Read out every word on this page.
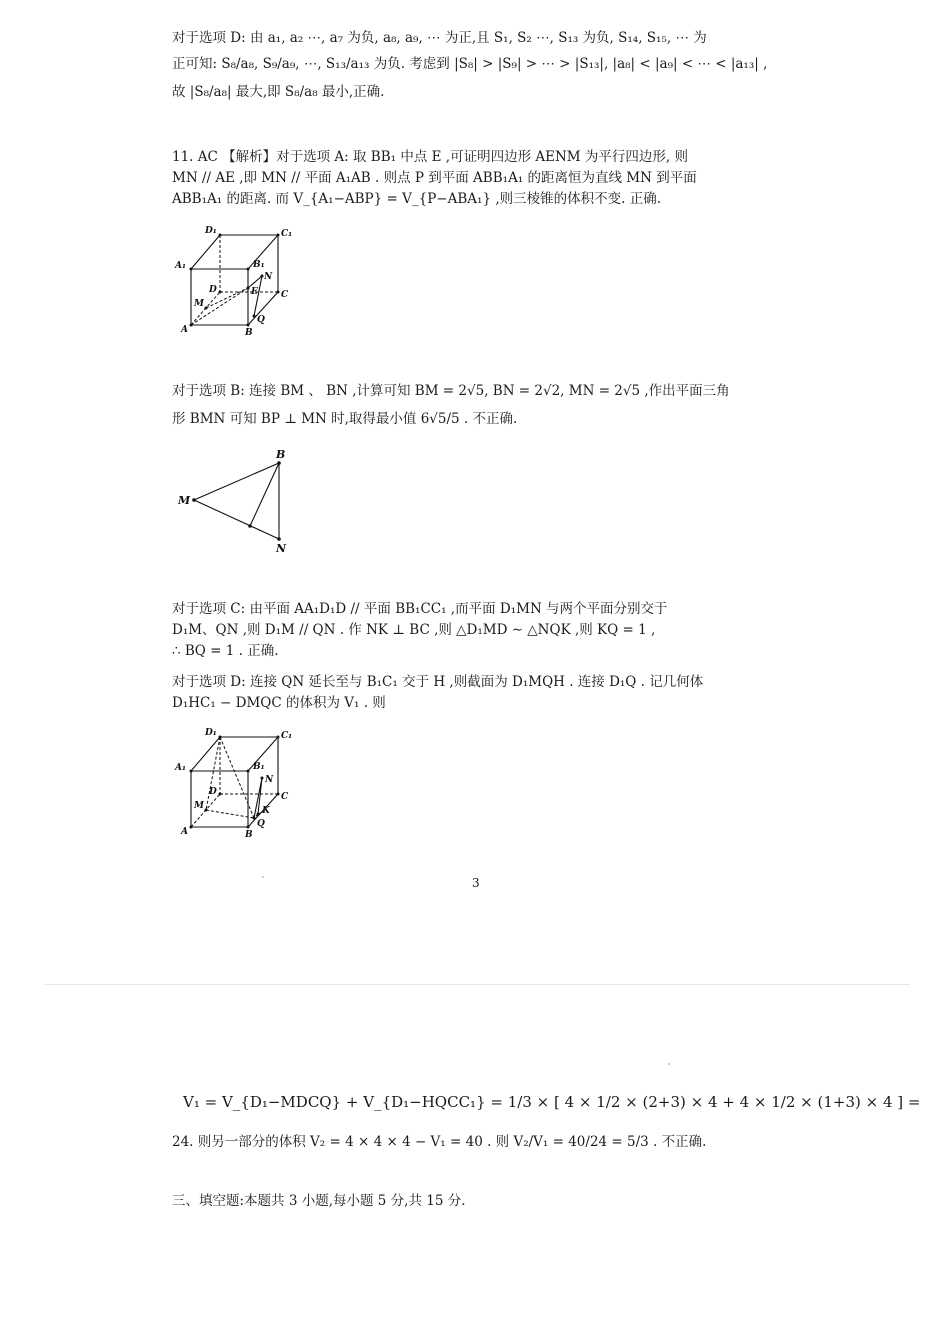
对于选项 D: 由 a₁, a₂ ⋯, a₇ 为负, a₈, a₉, ⋯ 为正,且 S₁, S₂ ⋯, S₁₃ 为负, S₁₄, S₁₅, ⋯ 为
正可知: S₈/a₈, S₉/a₉, ⋯, S₁₃/a₁₃ 为负. 考虑到 |S₈| > |S₉| > ⋯ > |S₁₃|, |a₈| < |a₉| < ⋯ < |a₁₃| ,
故 |S₈/a₈| 最大,即 S₈/a₈ 最小,正确.
11. AC 【解析】对于选项 A: 取 BB₁ 中点 E ,可证明四边形 AENM 为平行四边形, 则
MN // AE ,即 MN // 平面 A₁AB . 则点 P 到平面 ABB₁A₁ 的距离恒为直线 MN 到平面
ABB₁A₁ 的距离. 而 V_{A₁−ABP} = V_{P−ABA₁} ,则三棱锥的体积不变. 正确.
D₁	C₁
A₁	B₁
D
N
E	C
M
A	B
Q
对于选项 B: 连接 BM 、 BN ,计算可知 BM = 2√5, BN = 2√2, MN = 2√5 ,作出平面三角
形 BMN 可知 BP ⊥ MN 时,取得最小值 6√5/5 . 不正确.
B
M
N
对于选项 C: 由平面 AA₁D₁D // 平面 BB₁CC₁ ,而平面 D₁MN 与两个平面分别交于
D₁M、QN ,则 D₁M // QN . 作 NK ⊥ BC ,则 △D₁MD ∼ △NQK ,则 KQ = 1 ,
∴ BQ = 1 . 正确.
对于选项 D: 连接 QN 延长至与 B₁C₁ 交于 H ,则截面为 D₁MQH . 连接 D₁Q . 记几何体
D₁HC₁ − DMQC 的体积为 V₁ . 则
D₁	C₁
A₁	B₁
D
N
C
M	K
A	B
Q
3
V₁ = V_{D₁−MDCQ} + V_{D₁−HQCC₁} = 1/3 × [ 4 × 1/2 × (2+3) × 4 + 4 × 1/2 × (1+3) × 4 ] =
24. 则另一部分的体积 V₂ = 4 × 4 × 4 − V₁ = 40 . 则 V₂/V₁ = 40/24 = 5/3 . 不正确.
三、填空题:本题共 3 小题,每小题 5 分,共 15 分.
